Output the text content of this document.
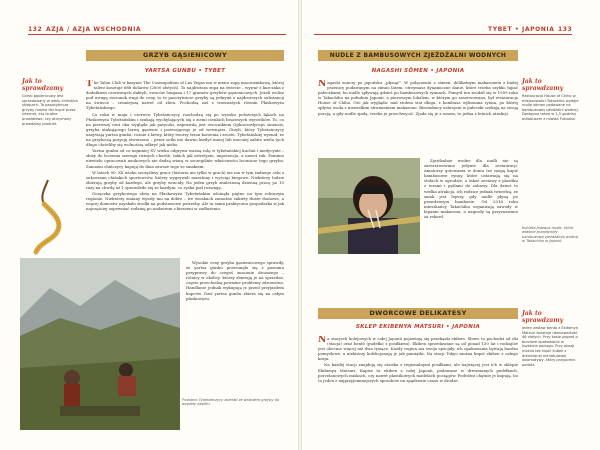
132 AZJA / AZJA WSCHODNIA
GRZYB GĄSIENICOWY
YARTSA GUNBU • TYBET
Jak to sprawdzamy
Grzyb gąsienicowy jest sprzedawany w wielu chińskich sklepach. Ta pasożytnicze grzyby można też kupić przez internet, ksz trudne prawidłowe, czy otrzymany prawdziwy produkt.

The Talon Club w kasynie The Cosmopolitan of Las Vegas ma w menu zupę maczużnikową, której talerz kosztuje 688 dolarów (2800 złotych). To najdroższa zupa na świecie – wywar z kurczaka z dodatkiem czerwonych daktyli, owoców longana i 17 gramów grzybów gąsienicowych. Jeżeli wolisz pod uwagę stosunek wagi do ceny, to te pasożytnicze grzyby są jednymi z najdroższych substancji na świecie – cenniejszą nawet od złota. Pochodzą zaś z trawiastych równin Płaskowyżu Tybetańskiego.

Co roku w maju i czerwcu Tybetańczycy rozchodzą się po wysoko położonych łąkach na Płaskowyżu Tybetańskim i szukają wychylających się z ziemi cienkich brązowych wyrostków. To, co na pierwszy rzut oka wygląda jak patyczki, naprawdę jest owocnikiem Ophiocordyceps sinensis, grzyba atakującego larwę gąsienic i pożerającego je od wewnątrz. Grzyb, który Tybetańczycy nazywają yartsa gunbu, rośnie z larwy, który tworzy trzon korzenia i zrostu. Tybetańskiej wyznał, że na grzybiczą pozycję stworzono – przez setki nie dawno kiedyś mniej lub mocniej zabito wielu tych długo chcieliby się wolnością odkryć jak niebo.

Yartsa gunbu od co najmniej XV wieku odgrywa ważną rolę w tybetańskiej kuchni i medycynie – służy do leczenia szeregu różnych chorób, takich jak artretyzm, impotencja, a nawet rak. Pomimo niewielu opracowań naukowych nie dadzą wiarę w szczególnie właściwości lecznicze tego grzyba. Zamożni chińczycy kupują do dnia zawsze tego ze smakiem.

W latach 90. XX wieku szczęśliwy gracz (historia nie tylko w grach) nie ma w tym żadnego celu z sukcesami chińskich sportowców, którzy wygrywali maratony i wyścigi biegowe. Niektórzy ludzie zbierają grzyby od każdego, ale grzyby wracały. Na jeden grzyb znalezioną dzienną pracę po 10 razy na chwilę aż 1 sprawdziło się ze każdym, co zyska pod rozwagę.

Gorączka grzybowego złota na Płaskowyżu Tybetańskim odcinęła piętno na tym rolniczym regionie. Niektórzy zmiany wyszły mu na dobre – we wioskach zamożne żakiety tłuste domowe, a więcej domostw uzyskało środki na podstawowe potrzeby. Ale ta sama praktyczna gospodarka w jak najczęściej zapewniać rodzinę po nadzorem z kieszeni w zadłużeniu.

Podobno Tybetańczycy zbierali ze wstydem grzyby do wypłaty zasiłku.

Wysokie ceny grzyba gąsienicowego sprawiły, że yartsa gunbu przesunęło się z poziomu przyprawy do czegoś znacznie droższego – rolnicy w okolicy, którzy zbierają je na sprzedaż, często przechodzą poważne problemy zdrowotne. Handlarze jednak wykupują je przed przyjazdem kupców. Dziś yartsa gunbu zbiera się na całym płaskowyżu.

TYBET • JAPONIA 133
NUDLE Z BAMBUSOWYCH ZJEŻDŻALNI WODNYCH
NAGASHI SŌMEN • JAPONIA

Nagashi znaczy po japońsku „płynąć". W połączeniu z sōmen, delikatnym makaronem z białej pszenicy podawanym na zimno latem, otrzymasz dynamiczne danie, które trzeba szybko łapać pałeczkami, bo nudle spływają gdzieś po bambusowych rynnach. Pomysł ten zrodził się w 1959 roku w Takachiho na południu Japonii, a pierwszym lokalem, w którym go zaserwowano, był restauracja House of Chiho. Oto jak wygląda: nad stołem stoi długa, z bambusa wykonana rynna, po której spływa woda z niewielkim strumieniem makaronu. Biesiadnicy uzbrojeni w pałeczki czekają na swoją porcję, a gdy nudle zjadą, trzeba je przechwycić. Zjada się je z sosem, to jedna z letnich atrakcji.

Kobieta jedząca nudle, które właśnie przepłynęły bambusową zjeżdżalnią wodną w Takachiho w Japonii.

Zjeżdżalnie wodne dla nudli nie są zarezerwowane jedynie dla restauracji. Amatorzy gotowania w domu też mogą kupić bambusowe rynny, które ustawiają się na stołach w ogrodzie, a także zestawy z plastiku z torami i pętlami do zabawy. Dla dzieci to wielka atrakcja, ich rodzice jednak twierdzą, że smak jest lepszy, gdy nudle płyną po prawdziwym bambusie. Od 2016 roku mieszkańcy Takachiho organizują zawody w łapaniu makaronu, a nagrody są przyznawane za rekord.

Jak to sprawdzamy
Restauracja House of Chiho w miejscowości Takachiho wydaje nudle sōmen podawane na bambusowej zjeżdżalni wodnej. Dostępna także w 1,5 godziny autobusem z miasta Fukuoka.
DWORCOWE DELIKATESY
SKLEP EKIBENYA MATSURI • JAPONIA

Na stacjach kolejowych w całej Japonii pojawiają się przekąski ekiben. Słowo to pochodzi od eki (stacja) oraz bentō (pudełko z posiłkiem). Ekiben sprzedawane są od ponad 130 lat i rodzajów jest obecnie więcej niż dwa tysiące. Każdy region ma swoje specjały, ich opakowania bywają bardzo pomysłowe, a niektórzy kolekcjonują je jak pamiątki. Na stacji Tokyo można kupić ekiben z całego kraju.

Na każdej stacji znajdują się stoiska z regionalnymi posiłkami, ale najwięcej jest ich w sklepie Ekibenya Matsuri. Kupisz tu ekiben z całej Japonii, podawane w drewnianych pudełkach, porcelanowych miskach, czy nawet plastikowych modelach pociągów. Podróżni chętnie je kupują, bo to jeden z najprzyjemniejszych sposobów na spędzenie czasu w drodze.

Jak to sprawdzamy
Jeden zestaw bento z Ekibenya Matsuri kosztuje równowartość 46 złotych. Przy kasie poproś o burzliwe opakowanie w kształcie pociągu. Przy okazji można też kupić kubek z drewnianej miniaturowej lokomotywy, który przypomni podróż.
